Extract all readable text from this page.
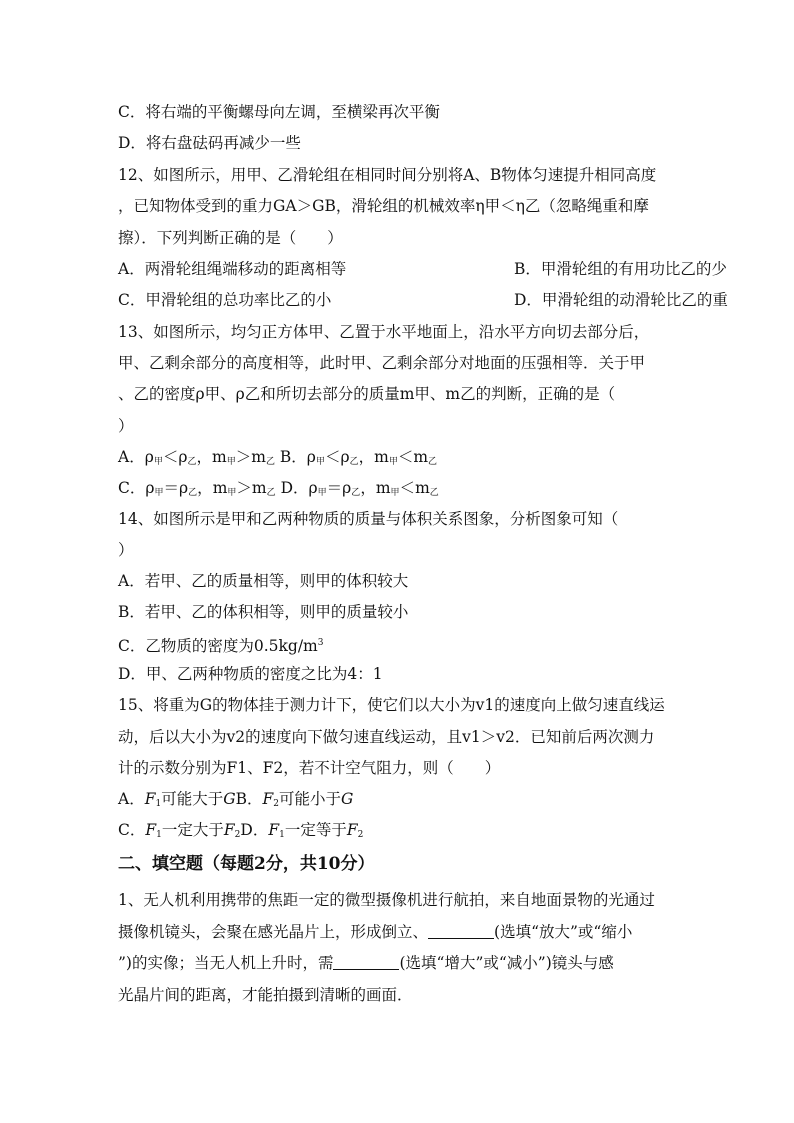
C．将右端的平衡螺母向左调，至横梁再次平衡
D．将右盘砝码再减少一些
12、如图所示，用甲、乙滑轮组在相同时间分别将A、B物体匀速提升相同高度
，已知物体受到的重力GA＞GB，滑轮组的机械效率η甲＜η乙（忽略绳重和摩
擦）．下列判断正确的是（　　）
A．两滑轮组绳端移动的距离相等	B．甲滑轮组的有用功比乙的少
C．甲滑轮组的总功率比乙的小	D．甲滑轮组的动滑轮比乙的重
13、如图所示，均匀正方体甲、乙置于水平地面上，沿水平方向切去部分后，
甲、乙剩余部分的高度相等，此时甲、乙剩余部分对地面的压强相等．关于甲
、乙的密度ρ甲、ρ乙和所切去部分的质量m甲、m乙的判断，正确的是（
）
A．$\rho_甲<\rho_乙$，$m_甲>m_乙$ B．$\rho_甲<\rho_乙$，$m_甲<m_乙$
C．$\rho_甲=\rho_乙$，$m_甲>m_乙$ D．$\rho_甲=\rho_乙$，$m_甲<m_乙$
14、如图所示是甲和乙两种物质的质量与体积关系图象，分析图象可知（
）
A．若甲、乙的质量相等，则甲的体积较大
B．若甲、乙的体积相等，则甲的质量较小
C．乙物质的密度为$0.5kg/m^3$
D．甲、乙两种物质的密度之比为4：1
15、将重为G的物体挂于测力计下，使它们以大小为v1的速度向上做匀速直线运
动，后以大小为v2的速度向下做匀速直线运动，且v1＞v2．已知前后两次测力
计的示数分别为F1、F2，若不计空气阻力，则（　　）
A．$F_1$可能大于GB．$F_2$可能小于G
C．$F_1$一定大于$F_2D$．$F_1$一定等于$F_2$
二、填空题（每题2分，共10分）
1、无人机利用携带的焦距一定的微型摄像机进行航拍，来自地面景物的光通过
摄像机镜头，会聚在感光晶片上，形成倒立、	(选填“放大”或“缩小
”)的实像；当无人机上升时，需	(选填“增大”或“减小”)镜头与感
光晶片间的距离，才能拍摄到清晰的画面．
